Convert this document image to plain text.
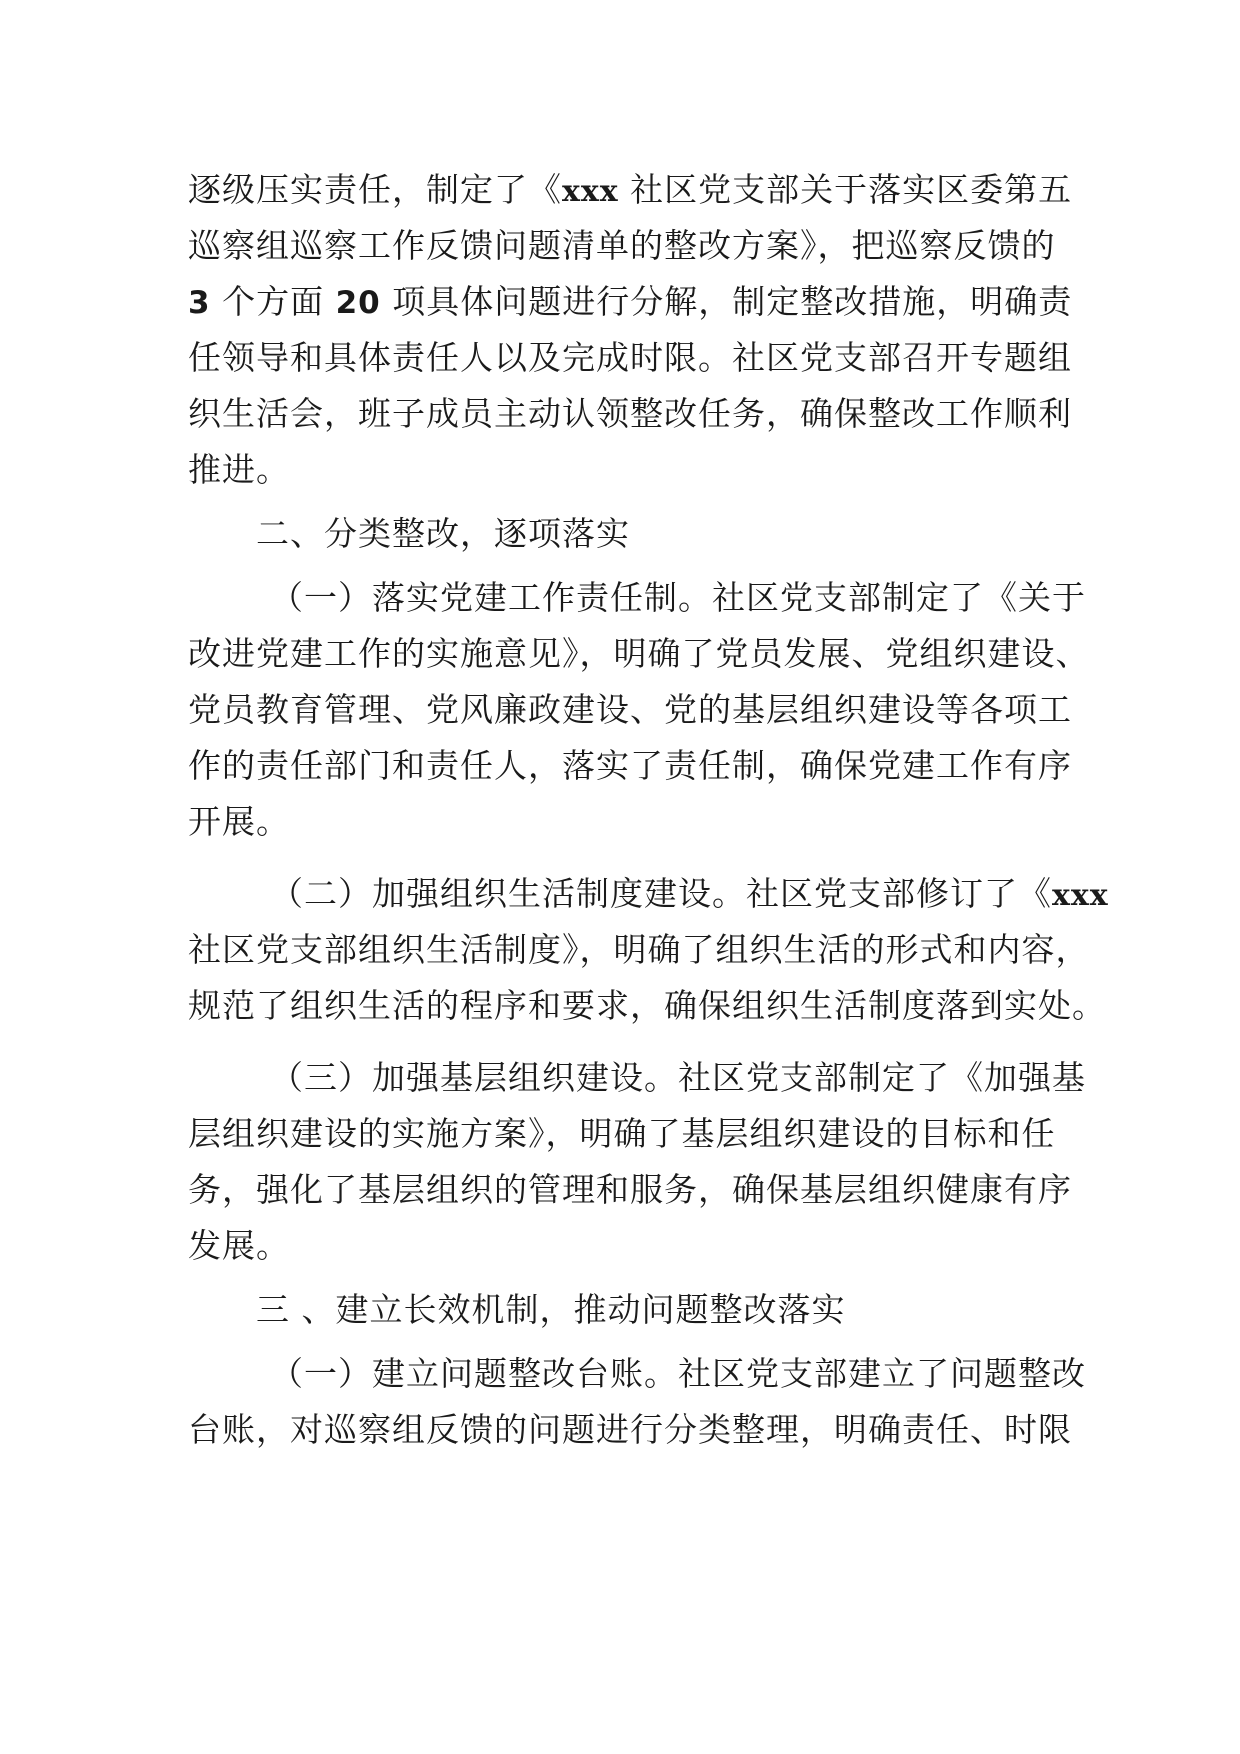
逐级压实责任，制定了《xxx 社区党支部关于落实区委第五
巡察组巡察工作反馈问题清单的整改方案》，把巡察反馈的
3 个方面 20 项具体问题进行分解，制定整改措施，明确责
任领导和具体责任人以及完成时限。社区党支部召开专题组
织生活会，班子成员主动认领整改任务，确保整改工作顺利
推进。
二、分类整改，逐项落实
（一）落实党建工作责任制。社区党支部制定了《关于
改进党建工作的实施意见》，明确了党员发展、党组织建设、
党员教育管理、党风廉政建设、党的基层组织建设等各项工
作的责任部门和责任人，落实了责任制，确保党建工作有序
开展。
（二）加强组织生活制度建设。社区党支部修订了《xxx
社区党支部组织生活制度》，明确了组织生活的形式和内容，
规范了组织生活的程序和要求，确保组织生活制度落到实处。
（三）加强基层组织建设。社区党支部制定了《加强基
层组织建设的实施方案》，明确了基层组织建设的目标和任
务，强化了基层组织的管理和服务，确保基层组织健康有序
发展。
三 、建立长效机制，推动问题整改落实
（一）建立问题整改台账。社区党支部建立了问题整改
台账，对巡察组反馈的问题进行分类整理，明确责任、时限
